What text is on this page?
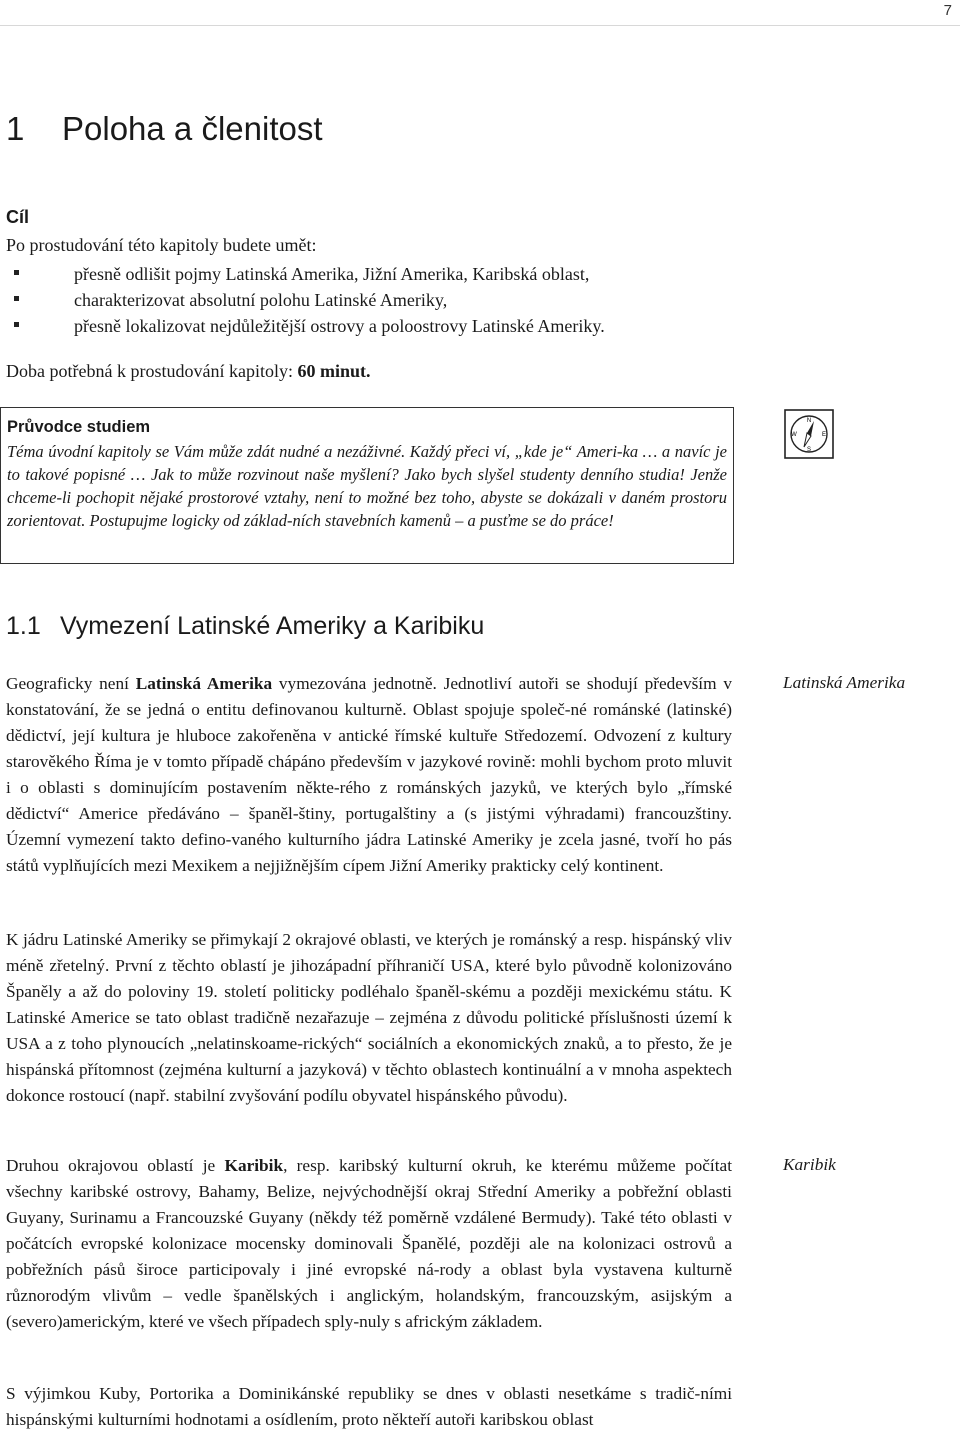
7
1 Poloha a členitost
Cíl
Po prostudování této kapitoly budete umět:
přesně odlišit pojmy Latinská Amerika, Jižní Amerika, Karibská oblast,
charakterizovat absolutní polohu Latinské Ameriky,
přesně lokalizovat nejdůležitější ostrovy a poloostrovy Latinské Ameriky.
Doba potřebná k prostudování kapitoly: 60 minut.
Průvodce studiem

Téma úvodní kapitoly se Vám může zdát nudné a nezáživné. Každý přeci ví, „kde je“ Ameri-ka … a navíc je to takové popisné … Jak to může rozvinout naše myšlení? Jako bych slyšel studenty denního studia! Jenže chceme-li pochopit nějaké prostorové vztahy, není to možné bez toho, abyste se dokázali v daném prostoru zorientovat. Postupujme logicky od základ-ních stavebních kamenů – a pusťme se do práce!

N
S
E
W
1.1 Vymezení Latinské Ameriky a Karibiku

Geograficky není Latinská Amerika vymezována jednotně. Jednotliví autoři se shodují především v konstatování, že se jedná o entitu definovanou kulturně. Oblast spojuje společ-né románské (latinské) dědictví, její kultura je hluboce zakořeněna v antické římské kultuře Středozemí. Odvození z kultury starověkého Říma je v tomto případě chápáno především v jazykové rovině: mohli bychom proto mluvit i o oblasti s dominujícím postavením někte-rého z románských jazyků, ve kterých bylo „římské dědictví“ Americe předáváno – španěl-štiny, portugalštiny a (s jistými výhradami) francouzštiny. Územní vymezení takto defino-vaného kulturního jádra Latinské Ameriky je zcela jasné, tvoří ho pás států vyplňujících mezi Mexikem a nejjižnějším cípem Jižní Ameriky prakticky celý kontinent.

Latinská Amerika

K jádru Latinské Ameriky se přimykají 2 okrajové oblasti, ve kterých je románský a resp. hispánský vliv méně zřetelný. První z těchto oblastí je jihozápadní příhraničí USA, které bylo původně kolonizováno Španěly a až do poloviny 19. století politicky podléhalo španěl-skému a později mexickému státu. K Latinské Americe se tato oblast tradičně nezařazuje – zejména z důvodu politické příslušnosti území k USA a z toho plynoucích „nelatinskoame-rických“ sociálních a ekonomických znaků, a to přesto, že je hispánská přítomnost (zejména kulturní a jazyková) v těchto oblastech kontinuální a v mnoha aspektech dokonce rostoucí (např. stabilní zvyšování podílu obyvatel hispánského původu).

Druhou okrajovou oblastí je Karibik, resp. karibský kulturní okruh, ke kterému můžeme počítat všechny karibské ostrovy, Bahamy, Belize, nejvýchodnější okraj Střední Ameriky a pobřežní oblasti Guyany, Surinamu a Francouzské Guyany (někdy též poměrně vzdálené Bermudy). Také této oblasti v počátcích evropské kolonizace mocensky dominovali Španělé, později ale na kolonizaci ostrovů a pobřežních pásů široce participovaly i jiné evropské ná-rody a oblast byla vystavena kulturně různorodým vlivům – vedle španělských i anglickým, holandským, francouzským, asijským a (severo)americkým, které ve všech případech sply-nuly s africkým základem.

Karibik

S výjimkou Kuby, Portorika a Dominikánské republiky se dnes v oblasti nesetkáme s tradič-ními hispánskými kulturními hodnotami a osídlením, proto někteří autoři karibskou oblast
